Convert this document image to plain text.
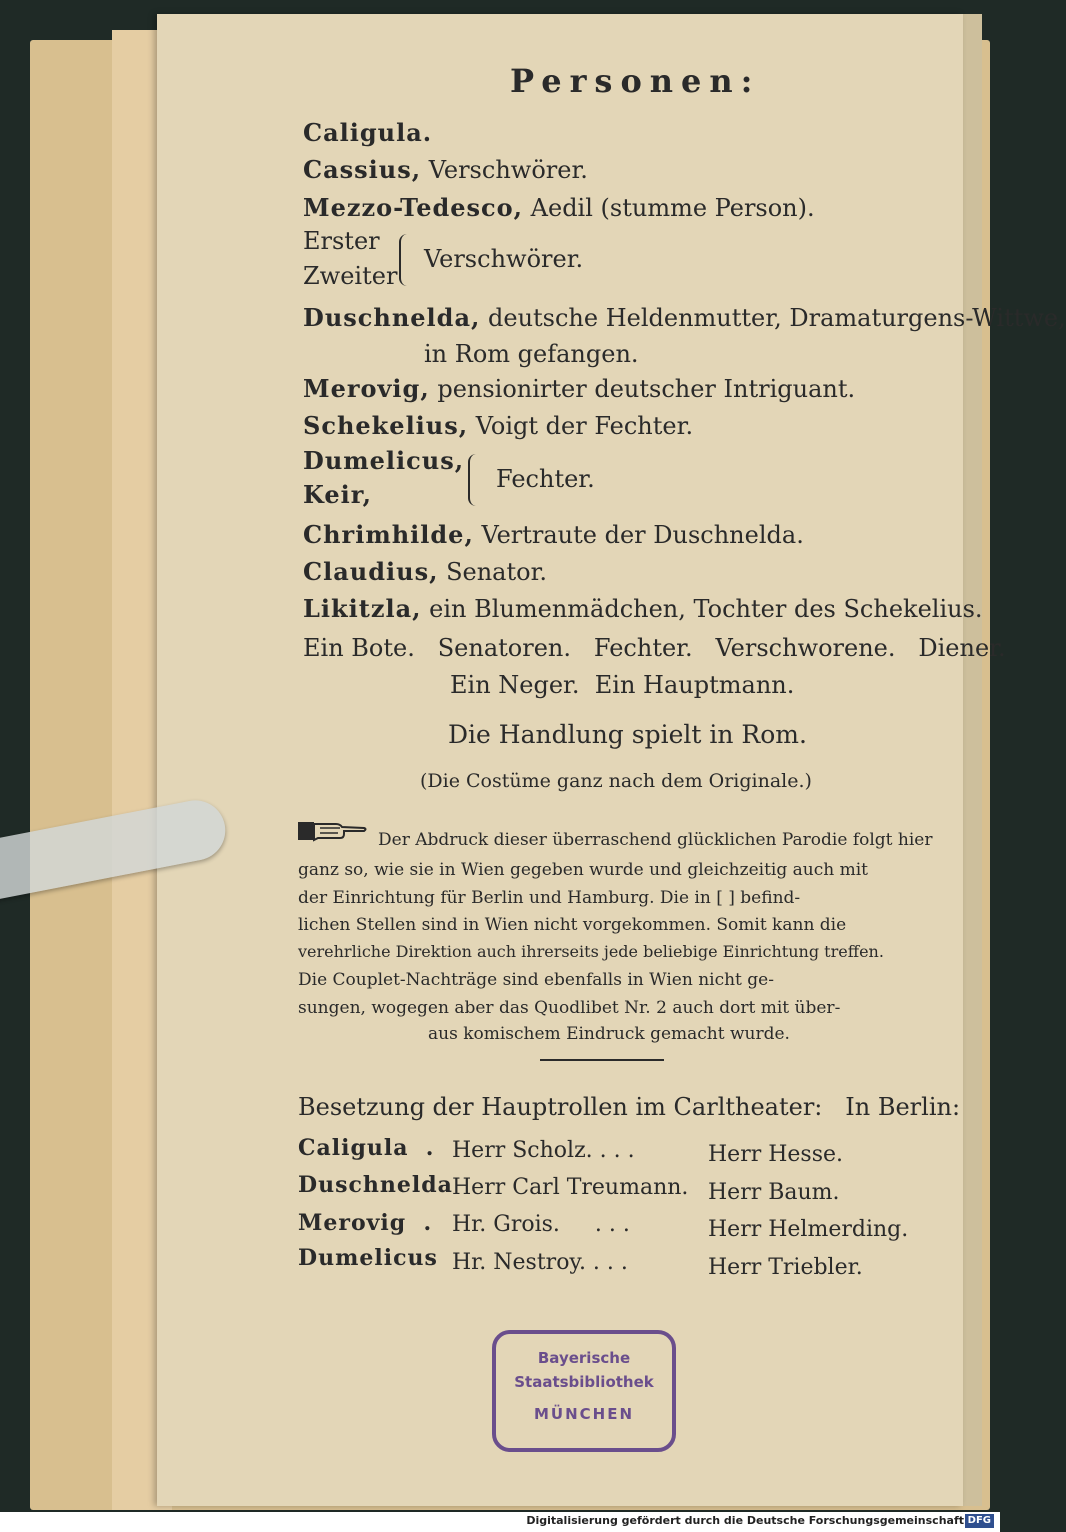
Personen:
Caligula.
Cassius, Verschwörer.
Mezzo-Tedesco, Aedil (stumme Person).
Erster
Zweiter
Verschwörer.
Duschnelda, deutsche Heldenmutter, Dramaturgens-Wittwe,
in Rom gefangen.
Merovig, pensionirter deutscher Intriguant.
Schekelius, Voigt der Fechter.
Dumelicus,
Keir,
Fechter.
Chrimhilde, Vertraute der Duschnelda.
Claudius, Senator.
Likitzla, ein Blumenmädchen, Tochter des Schekelius.
Ein Bote.   Senatoren.   Fechter.   Verschworene.   Diener.
Ein Neger.  Ein Hauptmann.
Die Handlung spielt in Rom.
(Die Costüme ganz nach dem Originale.)
Der Abdruck dieser überraschend glücklichen Parodie folgt hier
ganz so, wie sie in Wien gegeben wurde und gleichzeitig auch mit
der Einrichtung für Berlin und Hamburg. Die in [ ] befind-
lichen Stellen sind in Wien nicht vorgekommen. Somit kann die
verehrliche Direktion auch ihrerseits jede beliebige Einrichtung treffen.
Die Couplet-Nachträge sind ebenfalls in Wien nicht ge-
sungen, wogegen aber das Quodlibet Nr. 2 auch dort mit über-
aus komischem Eindruck gemacht wurde.
Besetzung der Hauptrollen im Carltheater:   In Berlin:
Caligula  . Herr Scholz. . . .	Herr Hesse.
Duschnelda Herr Carl Treumann. Herr Baum.
Merovig  . Hr. Grois.     . . .	Herr Helmerding.
Dumelicus Hr. Nestroy. . . .	Herr Triebler.
Bayerische
Staatsbibliothek
MÜNCHEN
Digitalisierung gefördert durch die Deutsche Forschungsgemeinschaft DFG
